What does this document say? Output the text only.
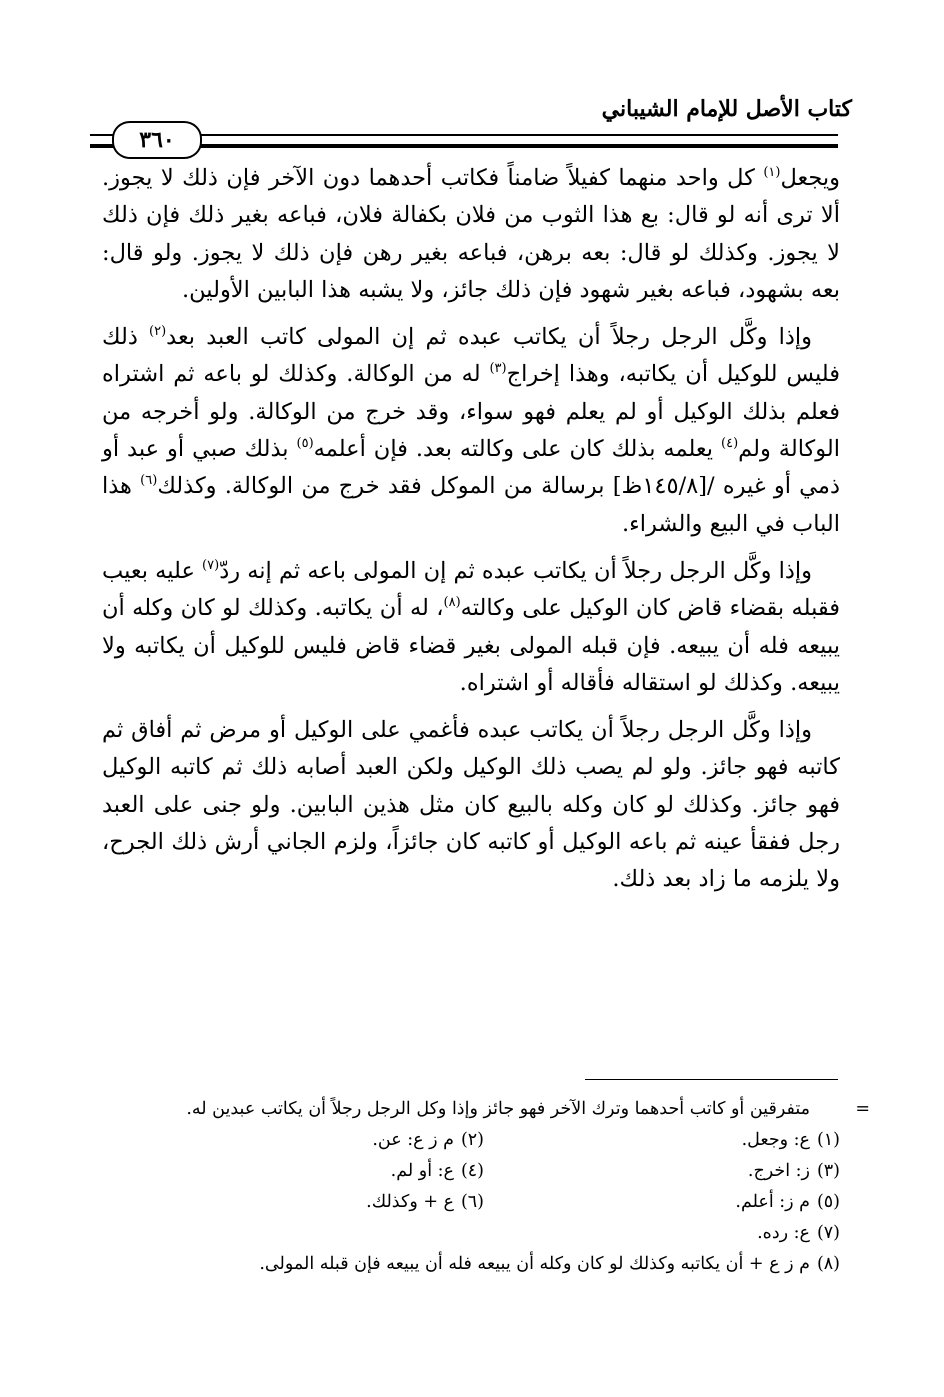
كتاب الأصل للإمام الشيباني
٣٦٠

ويجعل$^{(١)}$ كل واحد منهما كفيلاً ضامناً فكاتب أحدهما دون الآخر فإن ذلك لا يجوز. ألا ترى أنه لو قال: بع هذا الثوب من فلان بكفالة فلان، فباعه بغير ذلك فإن ذلك لا يجوز. وكذلك لو قال: بعه برهن، فباعه بغير رهن فإن ذلك لا يجوز. ولو قال: بعه بشهود، فباعه بغير شهود فإن ذلك جائز، ولا يشبه هذا البابين الأولين.

وإذا وكَّل الرجل رجلاً أن يكاتب عبده ثم إن المولى كاتب العبد بعد$^{(٢)}$ ذلك فليس للوكيل أن يكاتبه، وهذا إخراج$^{(٣)}$ له من الوكالة. وكذلك لو باعه ثم اشتراه فعلم بذلك الوكيل أو لم يعلم فهو سواء، وقد خرج من الوكالة. ولو أخرجه من الوكالة ولم$^{(٤)}$ يعلمه بذلك كان على وكالته بعد. فإن أعلمه$^{(٥)}$ بذلك صبي أو عبد أو ذمي أو غيره /[١٤٥/٨ظ] برسالة من الموكل فقد خرج من الوكالة. وكذلك$^{(٦)}$ هذا الباب في البيع والشراء.

وإذا وكَّل الرجل رجلاً أن يكاتب عبده ثم إن المولى باعه ثم إنه ردّ$^{(٧)}$ عليه بعيب فقبله بقضاء قاض كان الوكيل على وكالته$^{(٨)}$، له أن يكاتبه. وكذلك لو كان وكله أن يبيعه فله أن يبيعه. فإن قبله المولى بغير قضاء قاض فليس للوكيل أن يكاتبه ولا يبيعه. وكذلك لو استقاله فأقاله أو اشتراه.

وإذا وكَّل الرجل رجلاً أن يكاتب عبده فأغمي على الوكيل أو مرض ثم أفاق ثم كاتبه فهو جائز. ولو لم يصب ذلك الوكيل ولكن العبد أصابه ذلك ثم كاتبه الوكيل فهو جائز. وكذلك لو كان وكله بالبيع كان مثل هذين البابين. ولو جنى على العبد رجل ففقأ عينه ثم باعه الوكيل أو كاتبه كان جائزاً، ولزم الجاني أرش ذلك الجرح، ولا يلزمه ما زاد بعد ذلك.

=متفرقين أو كاتب أحدهما وترك الآخر فهو جائز وإذا وكل الرجل رجلاً أن يكاتب عبدين له.

(١)ع: وجعل.
(٢)م ز ع: عن.
(٣)ز: اخرج.
(٤)ع: أو لم.
(٥)م ز: أعلم.
(٦)ع + وكذلك.
(٧)ع: رده.
(٨)م ز ع + أن يكاتبه وكذلك لو كان وكله أن يبيعه فله أن يبيعه فإن قبله المولى.
